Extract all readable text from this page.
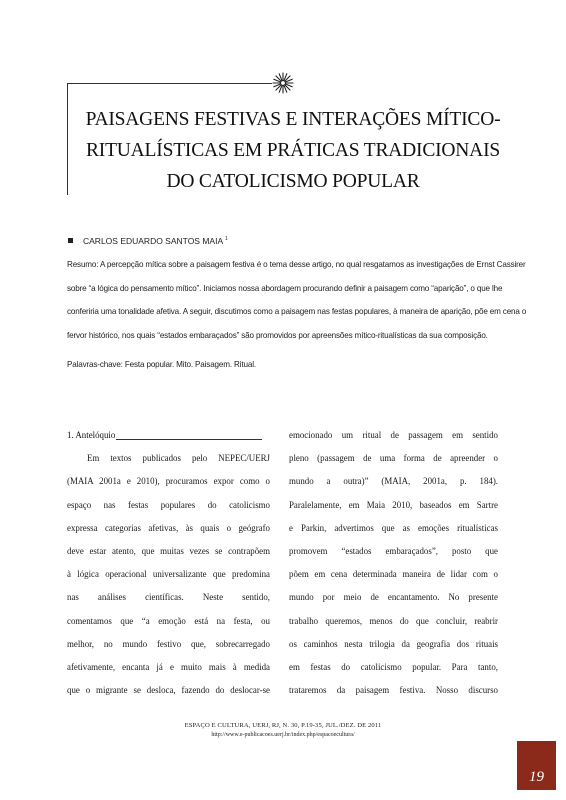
PAISAGENS FESTIVAS E INTERAÇÕES MÍTICO-
RITUALÍSTICAS EM PRÁTICAS TRADICIONAIS
DO CATOLICISMO POPULAR
CARLOS EDUARDO SANTOS MAIA $^1$
Resumo: A percepção mítica sobre a paisagem festiva é o tema desse artigo, no qual resgatamos as investigações de Ernst Cassirer
sobre “a lógica do pensamento mítico”. Iniciamos nossa abordagem procurando definir a paisagem como “aparição”, o que lhe
conferiria uma tonalidade afetiva. A seguir, discutimos como a paisagem nas festas populares, à maneira de aparição, põe em cena o
fervor histórico, nos quais “estados embaraçados” são promovidos por apreensões mítico-ritualísticas da sua composição.
Palavras-chave: Festa popular. Mito. Paisagem. Ritual.
1. Antelóquio
Em textos publicados pelo NEPEC/UERJ
(MAIA 2001a e 2010), procuramos expor como o
espaço nas festas populares do catolicismo
expressa categorias afetivas, às quais o geógrafo
deve estar atento, que muitas vezes se contrapõem
à lógica operacional universalizante que predomina
nas análises científicas. Neste sentido,
comentamos que “a emoção está na festa, ou
melhor, no mundo festivo que, sobrecarregado
afetivamente, encanta já e muito mais à medida
que o migrante se desloca, fazendo do deslocar-se
emocionado um ritual de passagem em sentido
pleno (passagem de uma forma de apreender o
mundo a outra)” (MAIA, 2001a, p. 184).
Paralelamente, em Maia 2010, baseados em Sartre
e Parkin, advertimos que as emoções ritualísticas
promovem “estados embaraçados”, posto que
põem em cena determinada maneira de lidar com o
mundo por meio de encantamento. No presente
trabalho queremos, menos do que concluir, reabrir
os caminhos nesta trilogia da geografia dos rituais
em festas do catolicismo popular. Para tanto,
trataremos da paisagem festiva. Nosso discurso
ESPAÇO E CULTURA, UERJ, RJ, N. 30, P.19-35, JUL./DEZ. DE 2011
http://www.e-publicacoes.uerj.br/index.php/espacoecultura/
19
